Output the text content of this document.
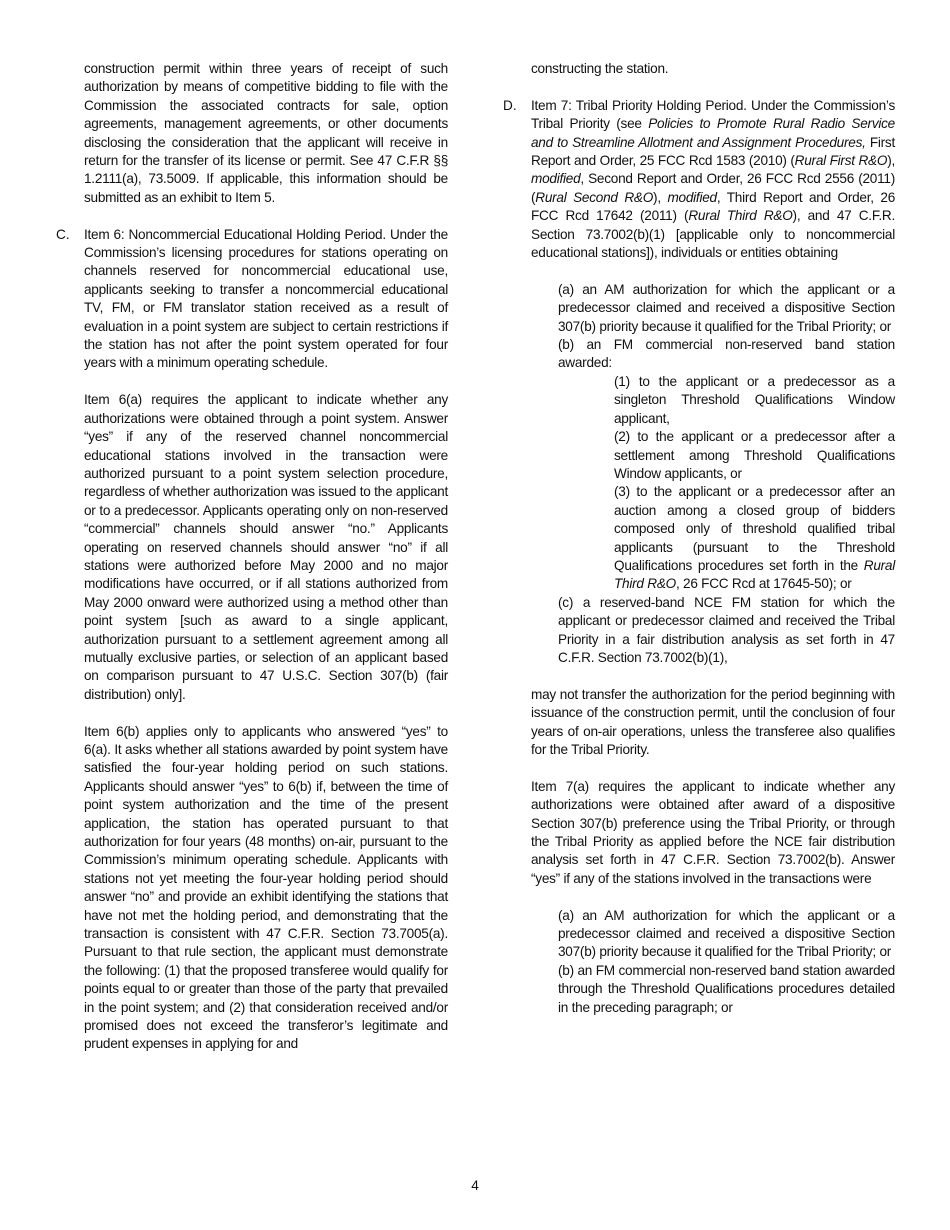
construction permit within three years of receipt of such authorization by means of competitive bidding to file with the Commission the associated contracts for sale, option agreements, management agreements, or other documents disclosing the consideration that the applicant will receive in return for the transfer of its license or permit. See 47 C.F.R §§ 1.2111(a), 73.5009. If applicable, this information should be submitted as an exhibit to Item 5.

C. Item 6: Noncommercial Educational Holding Period. Under the Commission’s licensing procedures for stations operating on channels reserved for noncommercial educational use, applicants seeking to transfer a noncommercial educational TV, FM, or FM translator station received as a result of evaluation in a point system are subject to certain restrictions if the station has not after the point system operated for four years with a minimum operating schedule.

Item 6(a) requires the applicant to indicate whether any authorizations were obtained through a point system. Answer “yes” if any of the reserved channel noncommercial educational stations involved in the transaction were authorized pursuant to a point system selection procedure, regardless of whether authorization was issued to the applicant or to a predecessor. Applicants operating only on non-reserved “commercial” channels should answer “no.” Applicants operating on reserved channels should answer “no” if all stations were authorized before May 2000 and no major modifications have occurred, or if all stations authorized from May 2000 onward were authorized using a method other than point system [such as award to a single applicant, authorization pursuant to a settlement agreement among all mutually exclusive parties, or selection of an applicant based on comparison pursuant to 47 U.S.C. Section 307(b) (fair distribution) only].

Item 6(b) applies only to applicants who answered “yes” to 6(a). It asks whether all stations awarded by point system have satisfied the four-year holding period on such stations. Applicants should answer “yes” to 6(b) if, between the time of point system authorization and the time of the present application, the station has operated pursuant to that authorization for four years (48 months) on-air, pursuant to the Commission’s minimum operating schedule. Applicants with stations not yet meeting the four-year holding period should answer “no” and provide an exhibit identifying the stations that have not met the holding period, and demonstrating that the transaction is consistent with 47 C.F.R. Section 73.7005(a). Pursuant to that rule section, the applicant must demonstrate the following: (1) that the proposed transferee would qualify for points equal to or greater than those of the party that prevailed in the point system; and (2) that consideration received and/or promised does not exceed the transferor’s legitimate and prudent expenses in applying for and

constructing the station.

D. Item 7: Tribal Priority Holding Period. Under the Commission’s Tribal Priority (see Policies to Promote Rural Radio Service and to Streamline Allotment and Assignment Procedures, First Report and Order, 25 FCC Rcd 1583 (2010) (Rural First R&O), modified, Second Report and Order, 26 FCC Rcd 2556 (2011) (Rural Second R&O), modified, Third Report and Order, 26 FCC Rcd 17642 (2011) (Rural Third R&O), and 47 C.F.R. Section 73.7002(b)(1) [applicable only to noncommercial educational stations]), individuals or entities obtaining

(a) an AM authorization for which the applicant or a predecessor claimed and received a dispositive Section 307(b) priority because it qualified for the Tribal Priority; or

(b) an FM commercial non-reserved band station awarded:

(1) to the applicant or a predecessor as a singleton Threshold Qualifications Window applicant,

(2) to the applicant or a predecessor after a settlement among Threshold Qualifications Window applicants, or

(3) to the applicant or a predecessor after an auction among a closed group of bidders composed only of threshold qualified tribal applicants (pursuant to the Threshold Qualifications procedures set forth in the Rural Third R&O, 26 FCC Rcd at 17645-50); or

(c) a reserved-band NCE FM station for which the applicant or predecessor claimed and received the Tribal Priority in a fair distribution analysis as set forth in 47 C.F.R. Section 73.7002(b)(1),

may not transfer the authorization for the period beginning with issuance of the construction permit, until the conclusion of four years of on-air operations, unless the transferee also qualifies for the Tribal Priority.

Item 7(a) requires the applicant to indicate whether any authorizations were obtained after award of a dispositive Section 307(b) preference using the Tribal Priority, or through the Tribal Priority as applied before the NCE fair distribution analysis set forth in 47 C.F.R. Section 73.7002(b). Answer “yes” if any of the stations involved in the transactions were

(a) an AM authorization for which the applicant or a predecessor claimed and received a dispositive Section 307(b) priority because it qualified for the Tribal Priority; or

(b) an FM commercial non-reserved band station awarded through the Threshold Qualifications procedures detailed in the preceding paragraph; or

4
